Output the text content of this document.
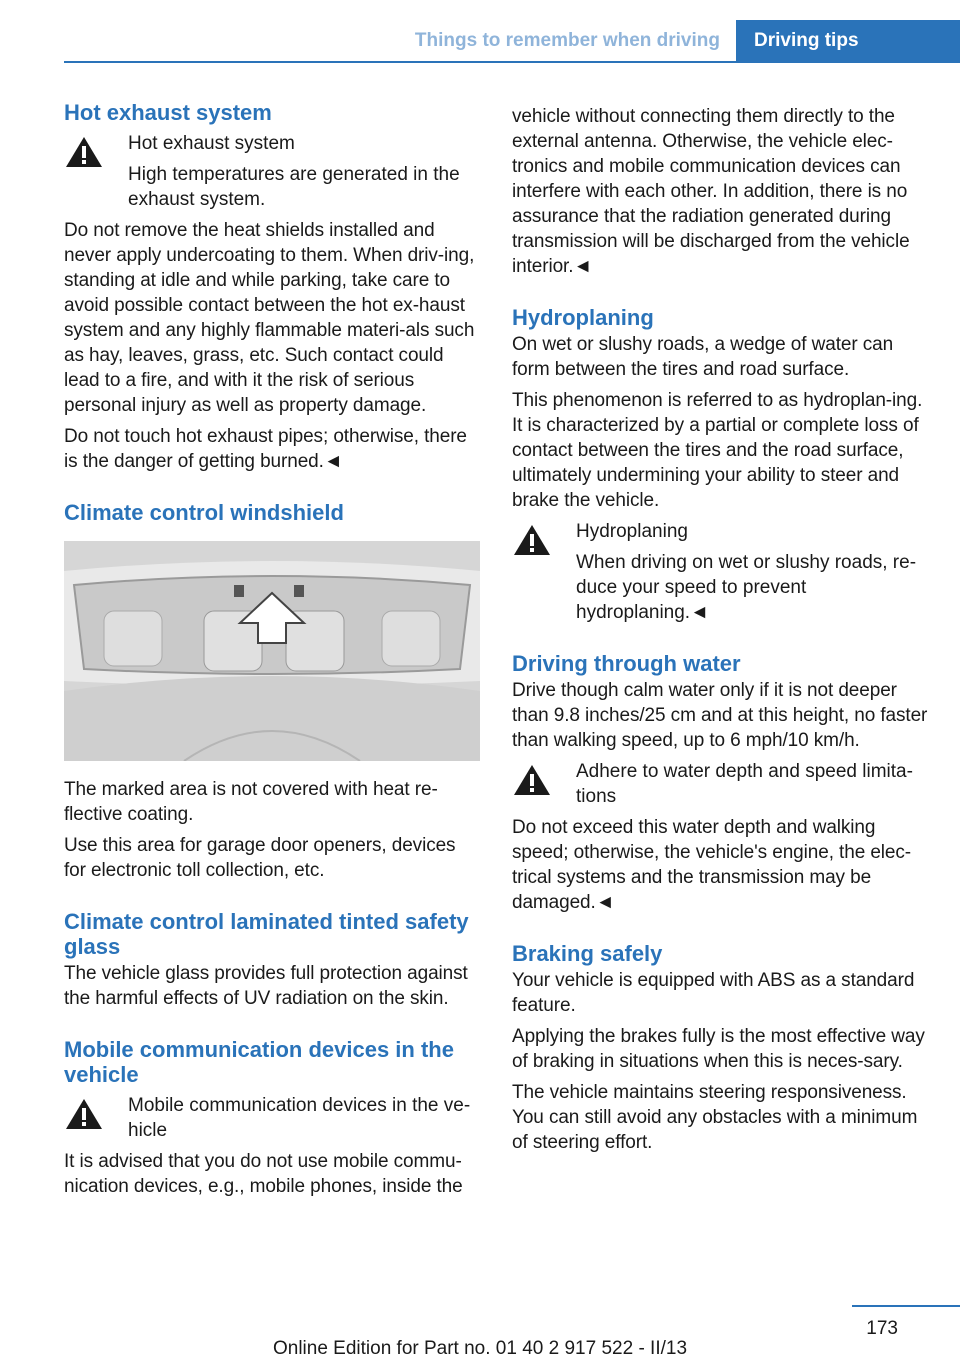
Things to remember when driving	Driving tips
Hot exhaust system
Hot exhaust system
High temperatures are generated in the exhaust system.
Do not remove the heat shields installed and never apply undercoating to them. When driv-ing, standing at idle and while parking, take care to avoid possible contact between the hot ex-haust system and any highly flammable materi-als such as hay, leaves, grass, etc. Such contact could lead to a fire, and with it the risk of serious personal injury as well as property damage.
Do not touch hot exhaust pipes; otherwise, there is the danger of getting burned.◄
Climate control windshield
The marked area is not covered with heat re-flective coating.
Use this area for garage door openers, devices for electronic toll collection, etc.
Climate control laminated tinted safety glass
The vehicle glass provides full protection against the harmful effects of UV radiation on the skin.
Mobile communication devices in the vehicle
Mobile communication devices in the ve-hicle
It is advised that you do not use mobile commu-nication devices, e.g., mobile phones, inside the
vehicle without connecting them directly to the external antenna. Otherwise, the vehicle elec-tronics and mobile communication devices can interfere with each other. In addition, there is no assurance that the radiation generated during transmission will be discharged from the vehicle interior.◄
Hydroplaning
On wet or slushy roads, a wedge of water can form between the tires and road surface.
This phenomenon is referred to as hydroplan-ing. It is characterized by a partial or complete loss of contact between the tires and the road surface, ultimately undermining your ability to steer and brake the vehicle.
Hydroplaning
When driving on wet or slushy roads, re-duce your speed to prevent hydroplaning.◄
Driving through water
Drive though calm water only if it is not deeper than 9.8 inches/25 cm and at this height, no faster than walking speed, up to 6 mph/10 km/h.
Adhere to water depth and speed limita-tions
Do not exceed this water depth and walking speed; otherwise, the vehicle's engine, the elec-trical systems and the transmission may be damaged.◄
Braking safely
Your vehicle is equipped with ABS as a standard feature.
Applying the brakes fully is the most effective way of braking in situations when this is neces-sary.
The vehicle maintains steering responsiveness. You can still avoid any obstacles with a minimum of steering effort.
173
Online Edition for Part no. 01 40 2 917 522 - II/13
